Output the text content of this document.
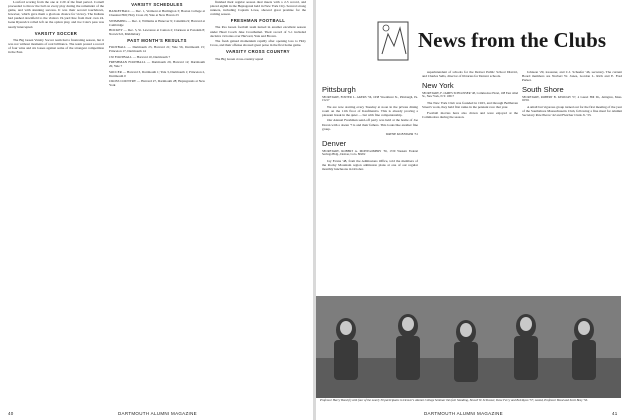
Lowford scoring from the one at 1:20 of the final period. Cornell proceeded to throw the ball on every play during the remainder of the game, and with stunning success. It was their second touchdown, however, which gave them a glorious chance for victory. The Indians had pushed downfield to the visitors 19-yard line from their own 24. Gene Ryzewicz rolled left on the option play, and Joe Cole's pass was nearly intercepted.

VARSITY SOCCER

The Big Green Varsity Soccer team had a frustrating season, but it was not without moments of real brilliance. The team posted a record of four wins and six losses against some of the strongest competition in the East.

VARSITY SCHEDULES

BASKETBALL — Dec. 1, Vermont at Burlington 3; Boston College at Chestnut Hill; Holy Cross 20, Yale at New Haven 23

SWIMMING — Dec. 2, Williams at Hanover 9; Columbia 9; Harvard at Cambridge

HOCKEY — Dec. 5, St. Lawrence at Canton 2; Clarkson at Potsdam 8; Norwich 6, Middlebury

PAST MONTH'S RESULTS

FOOTBALL — Dartmouth 23, Harvard 21; Yale 56, Dartmouth 15; Princeton 17, Dartmouth 14

150 FOOTBALL — Harvard 10, Dartmouth 7

FRESHMAN FOOTBALL — Dartmouth 29, Harvard 12; Dartmouth 20, Yale 7

SOCCER — Harvard 3, Dartmouth 1; Yale 3, Dartmouth 1; Princeton 2, Dartmouth 0

CROSS COUNTRY — Harvard 27, Dartmouth 28; Heptagonals at New York

finished their regular season dual meets with a 2-5 record, and placed eighth in the Heptagonal held in New York City. Several strong runners, including Captain Lowe, showed great promise for the coming season.

FRESHMAN FOOTBALL

The Pea Green football team turned in another excellent season under Head Coach Jake Crouthamel. Their record of 5-1 included decisive victories over Harvard, Yale and Brown.

The fresh gained momentum rapidly after opening loss to Holy Cross, and their offense showed great poise in the first home game.

VARSITY CROSS COUNTRY

The Big Green cross-country squad

40	DARTMOUTH ALUMNI MAGAZINE
Pittsburgh
SECRETARY, FOSTER L. AKERS '56, 1638 Woodmont St., Pittsburgh, Pa. 15217

We are now starting every Tuesday at noon in the private dining room on the 11th floor of Kaufmann's. This is already proving a pleasant break in the quiet — but with fine companionship.

Our Annual Freshman send-off party was held at the home of Joe Doran with a dozen '71s and their fathers. This looks like another fine group.

WAYNE KOENIGER '51
Denver
SECRETARY, ROBERT A. MONTGOMERY '56, 1720 Western Federal Savings Bldg., Denver, Colo. 80202

Jay Evans '48, from the Admissions Office, told the members of the Rocky Mountain region admission plans at one of our regular monthly luncheons in October.

superintendent of schools for the Denver Public School District, and Charles Sells, director of libraries for Denver schools.

New York
SECRETARY, F. JAMES SCHLOSSER '48, Commodore Hotel, 108 East 42nd St., New York, N.Y. 10017

The New York Club was founded in 1923, and through Bellhaven Street's work, they held first ranks in the pennant race that year.

Football movies have also drawn and were enjoyed at the Commodore during the season.

Johnson '29, treasurer, and C.J. Schaefer '46, secretary. The current Board members are Norbert W. Jones, Gordon L. Rich and E. Fred Parker.

South Shore
SECRETARY, ROBERT B. KEOUGH '57, 4 Laurel Hill Dr., Abington, Mass. 02351

A small but vigorous group turned out for the first meeting of the year of the Southshore Massachusetts Club, following a fine meal for Alumni Secretary Pete Pierce '42 and Fletcher Clark Jr. '33.

DARTMOUTH ALUMNI MAGAZINE	41
News from the Clubs
Professor Harry Bond (l) with four of the nearly 30 participants in Denver's Alumni College Seminar this fall. Standing, Newell W. Schlosser, Dave Ferry and Bob Ryan '57; seated, Professor Bond and Scott Bray '56.
